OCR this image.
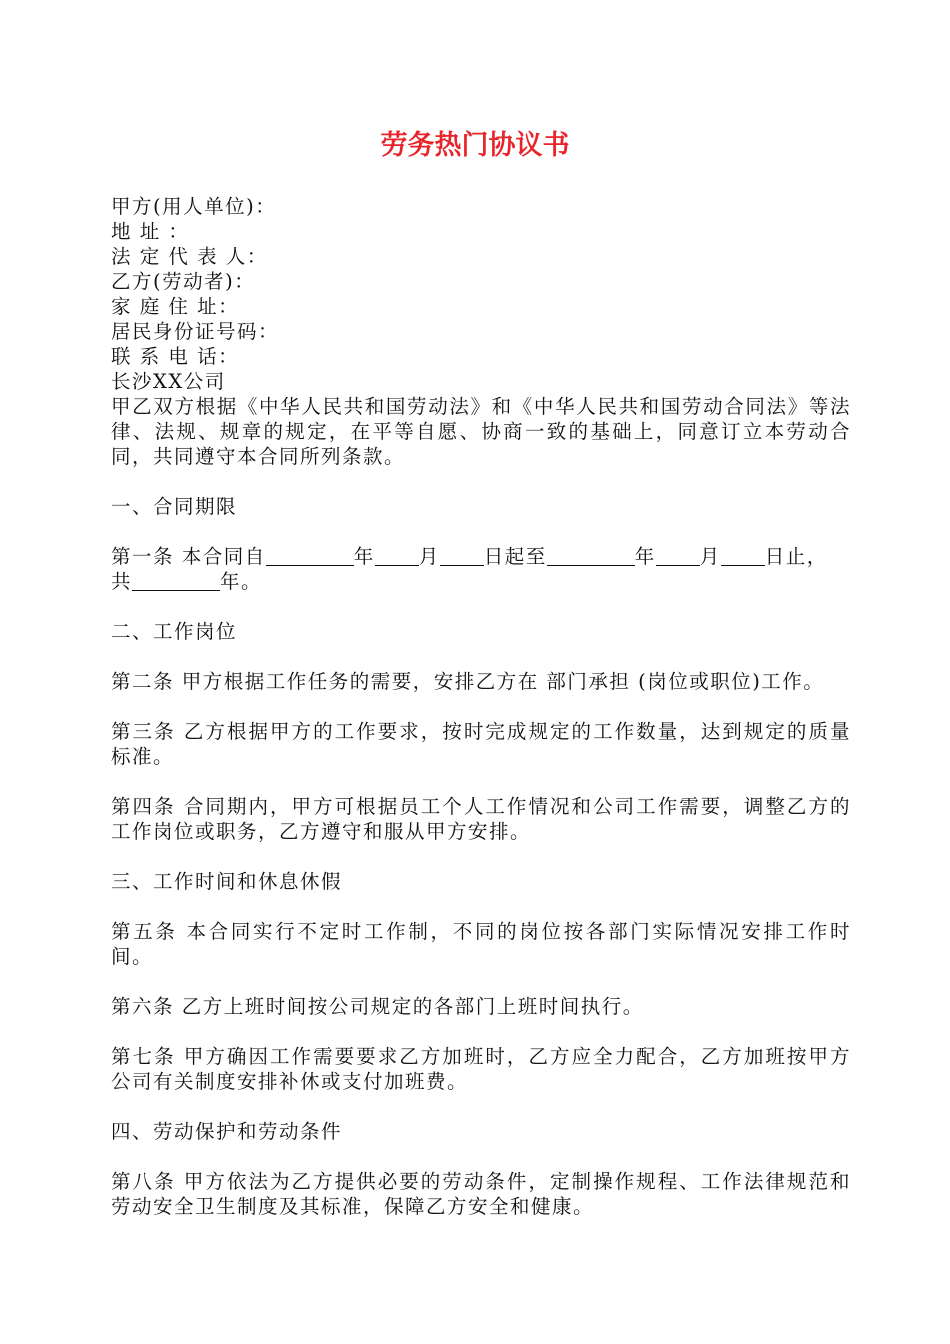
劳务热门协议书
甲方(用人单位)：
地 址 ：
法 定 代 表 人：
乙方(劳动者)：
家 庭 住 址：
居民身份证号码：
联 系 电 话：
长沙XX公司
甲乙双方根据《中华人民共和国劳动法》和《中华人民共和国劳动合同法》等法律、法规、规章的规定，在平等自愿、协商一致的基础上，同意订立本劳动合同，共同遵守本合同所列条款。
一、合同期限
第一条 本合同自	年 月 日起至	年 月 日止，
共	年。
二、工作岗位
第二条 甲方根据工作任务的需要，安排乙方在 部门承担 (岗位或职位)工作。
第三条 乙方根据甲方的工作要求，按时完成规定的工作数量，达到规定的质量标准。
第四条 合同期内，甲方可根据员工个人工作情况和公司工作需要，调整乙方的工作岗位或职务，乙方遵守和服从甲方安排。
三、工作时间和休息休假
第五条 本合同实行不定时工作制，不同的岗位按各部门实际情况安排工作时间。
第六条 乙方上班时间按公司规定的各部门上班时间执行。
第七条 甲方确因工作需要要求乙方加班时，乙方应全力配合，乙方加班按甲方公司有关制度安排补休或支付加班费。
四、劳动保护和劳动条件
第八条 甲方依法为乙方提供必要的劳动条件，定制操作规程、工作法律规范和劳动安全卫生制度及其标准，保障乙方安全和健康。
